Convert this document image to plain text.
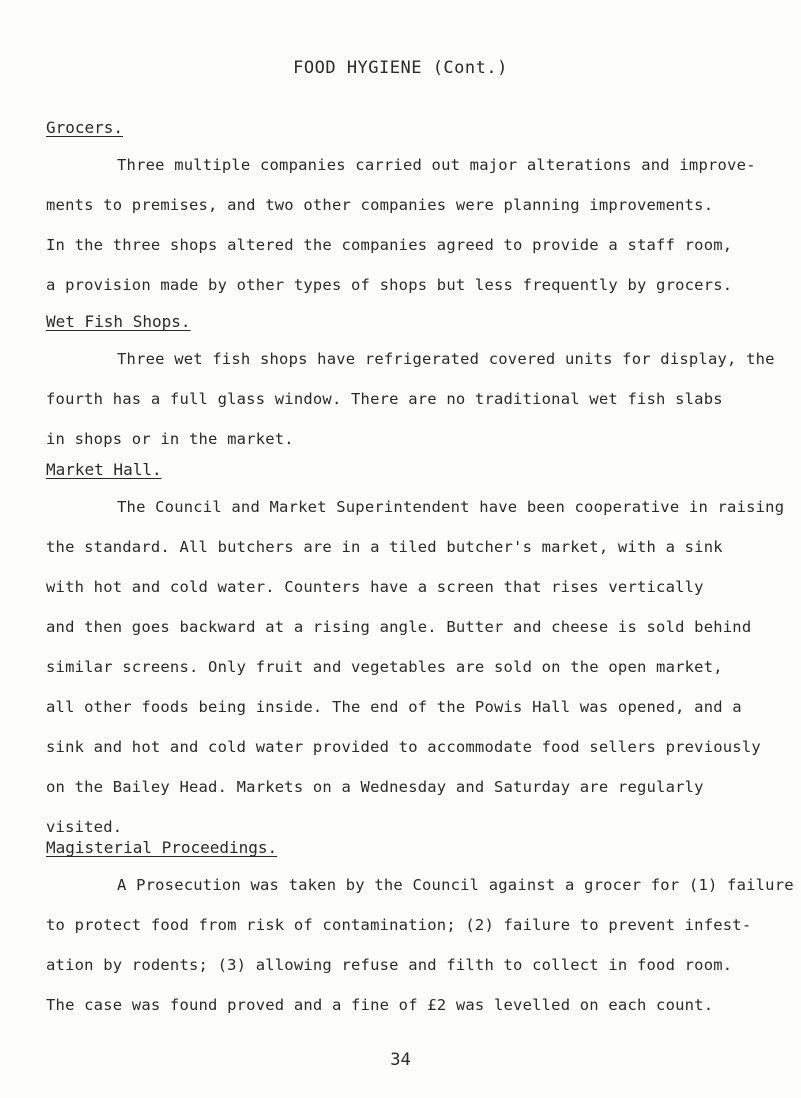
FOOD HYGIENE (Cont.)
Grocers.
Three multiple companies carried out major alterations and improve-
ments to premises, and two other companies were planning improvements.
In the three shops altered the companies agreed to provide a staff room,
a provision made by other types of shops but less frequently by grocers.
Wet Fish Shops.
Three wet fish shops have refrigerated covered units for display, the
fourth has a full glass window. There are no traditional wet fish slabs
in shops or in the market.
Market Hall.
The Council and Market Superintendent have been cooperative in raising
the standard. All butchers are in a tiled butcher's market, with a sink
with hot and cold water. Counters have a screen that rises vertically
and then goes backward at a rising angle. Butter and cheese is sold behind
similar screens. Only fruit and vegetables are sold on the open market,
all other foods being inside. The end of the Powis Hall was opened, and a
sink and hot and cold water provided to accommodate food sellers previously
on the Bailey Head. Markets on a Wednesday and Saturday are regularly
visited.
Magisterial Proceedings.
A Prosecution was taken by the Council against a grocer for (1) failure
to protect food from risk of contamination; (2) failure to prevent infest-
ation by rodents; (3) allowing refuse and filth to collect in food room.
The case was found proved and a fine of £2 was levelled on each count.
34
